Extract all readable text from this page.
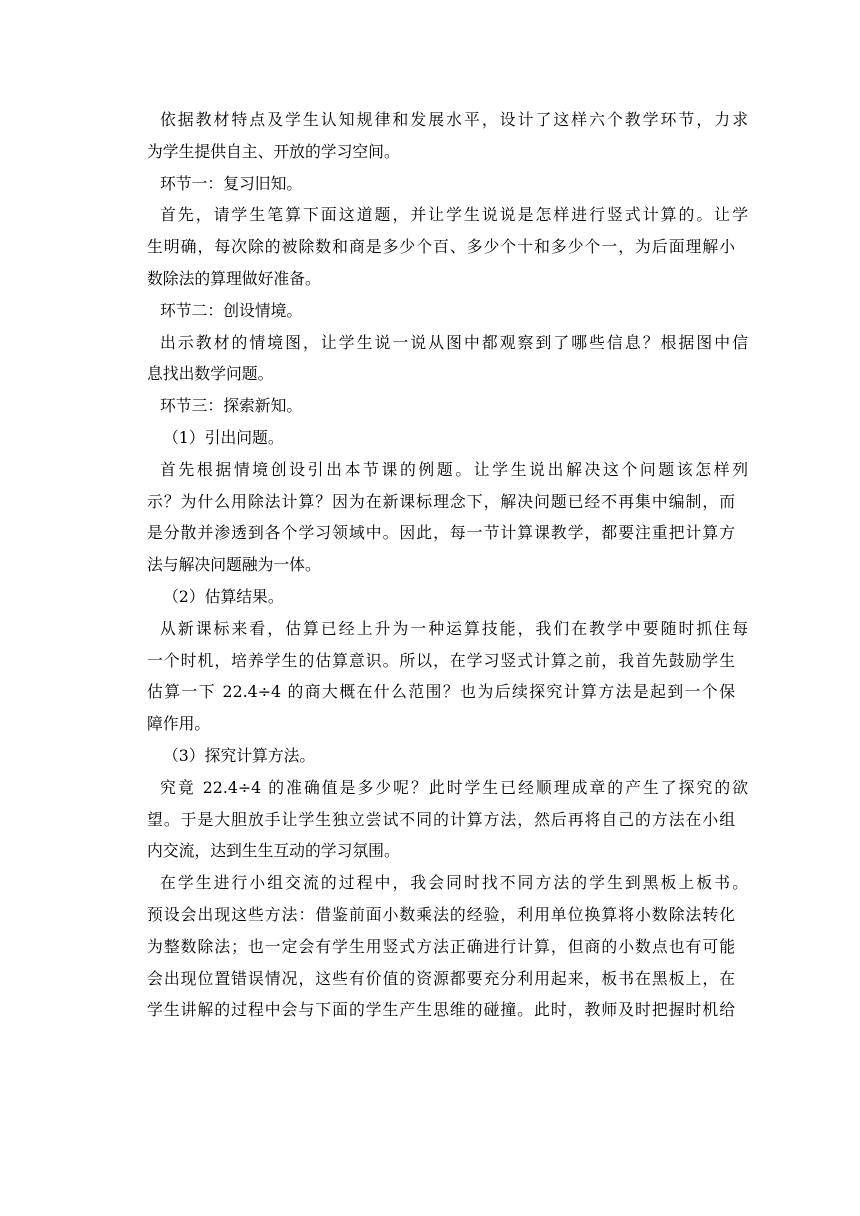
依据教材特点及学生认知规律和发展水平，设计了这样六个教学环节，力求
为学生提供自主、开放的学习空间。
环节一：复习旧知。
首先，请学生笔算下面这道题，并让学生说说是怎样进行竖式计算的。让学
生明确，每次除的被除数和商是多少个百、多少个十和多少个一，为后面理解小
数除法的算理做好准备。
环节二：创设情境。
出示教材的情境图，让学生说一说从图中都观察到了哪些信息？根据图中信
息找出数学问题。
环节三：探索新知。
（1）引出问题。
首先根据情境创设引出本节课的例题。让学生说出解决这个问题该怎样列
示？为什么用除法计算？因为在新课标理念下，解决问题已经不再集中编制，而
是分散并渗透到各个学习领域中。因此，每一节计算课教学，都要注重把计算方
法与解决问题融为一体。
（2）估算结果。
从新课标来看，估算已经上升为一种运算技能，我们在教学中要随时抓住每
一个时机，培养学生的估算意识。所以，在学习竖式计算之前，我首先鼓励学生
估算一下 22.4÷4 的商大概在什么范围？也为后续探究计算方法是起到一个保
障作用。
（3）探究计算方法。
究竟 22.4÷4 的准确值是多少呢？此时学生已经顺理成章的产生了探究的欲
望。于是大胆放手让学生独立尝试不同的计算方法，然后再将自己的方法在小组
内交流，达到生生互动的学习氛围。
在学生进行小组交流的过程中，我会同时找不同方法的学生到黑板上板书。
预设会出现这些方法：借鉴前面小数乘法的经验，利用单位换算将小数除法转化
为整数除法；也一定会有学生用竖式方法正确进行计算，但商的小数点也有可能
会出现位置错误情况，这些有价值的资源都要充分利用起来，板书在黑板上，在
学生讲解的过程中会与下面的学生产生思维的碰撞。此时，教师及时把握时机给
